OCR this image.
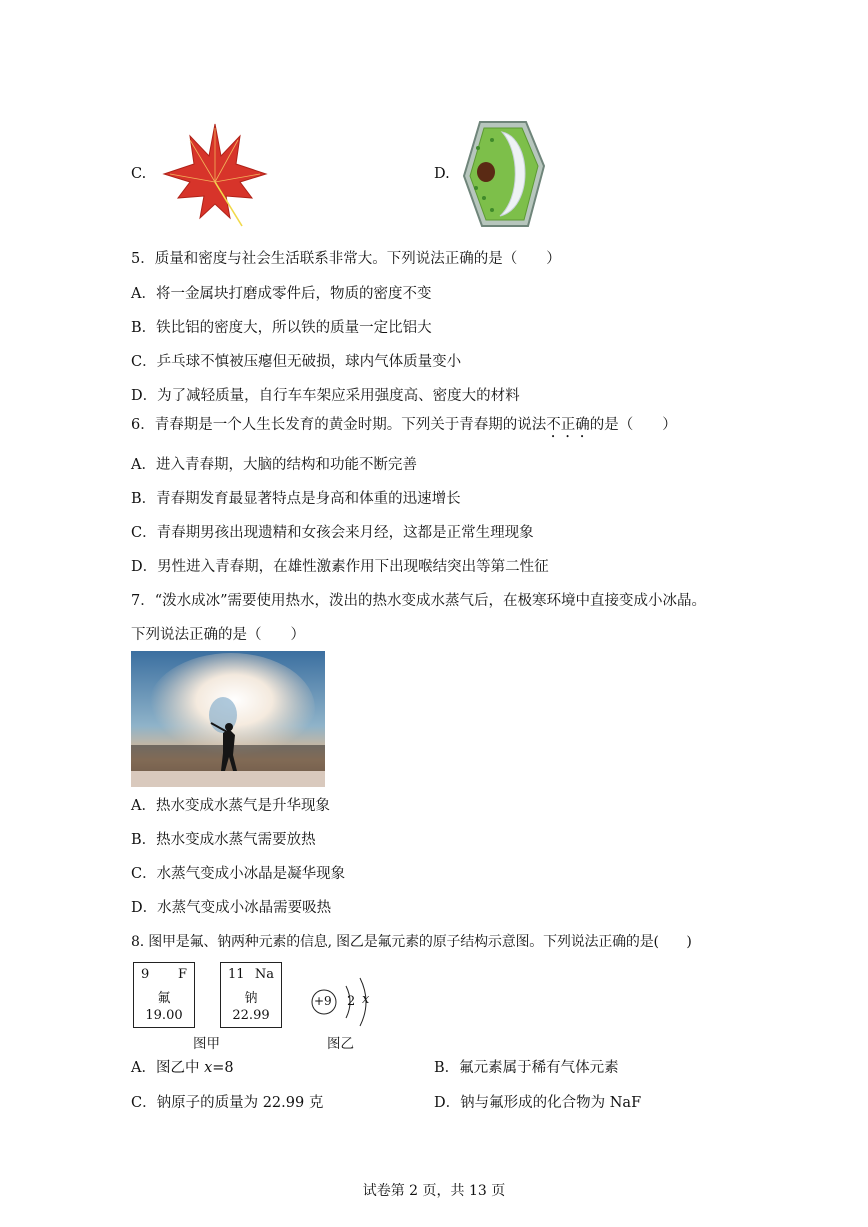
C.	D.
5．质量和密度与社会生活联系非常大。下列说法正确的是（　　）
A．将一金属块打磨成零件后，物质的密度不变
B．铁比铝的密度大，所以铁的质量一定比铝大
C．乒乓球不慎被压瘪但无破损，球内气体质量变小
D．为了减轻质量，自行车车架应采用强度高、密度大的材料
6．青春期是一个人生长发育的黄金时期。下列关于青春期的说法不正确的是（　　）
A．进入青春期，大脑的结构和功能不断完善
B．青春期发育最显著特点是身高和体重的迅速增长
C．青春期男孩出现遗精和女孩会来月经，这都是正常生理现象
D．男性进入青春期，在雄性激素作用下出现喉结突出等第二性征
7．“泼水成冰”需要使用热水，泼出的热水变成水蒸气后，在极寒环境中直接变成小冰晶。
下列说法正确的是（　　）
A．热水变成水蒸气是升华现象
B．热水变成水蒸气需要放热
C．水蒸气变成小冰晶是凝华现象
D．水蒸气变成小冰晶需要吸热
8. 图甲是氟、钠两种元素的信息, 图乙是氟元素的原子结构示意图。下列说法正确的是(　　)
9 F
氟
19.00
11 Na
钠
22.99
+9 2 x
图甲	图乙
A．图乙中 x=8	B．氟元素属于稀有气体元素
C．钠原子的质量为 22.99 克	D．钠与氟形成的化合物为 NaF
试卷第 2 页，共 13 页
